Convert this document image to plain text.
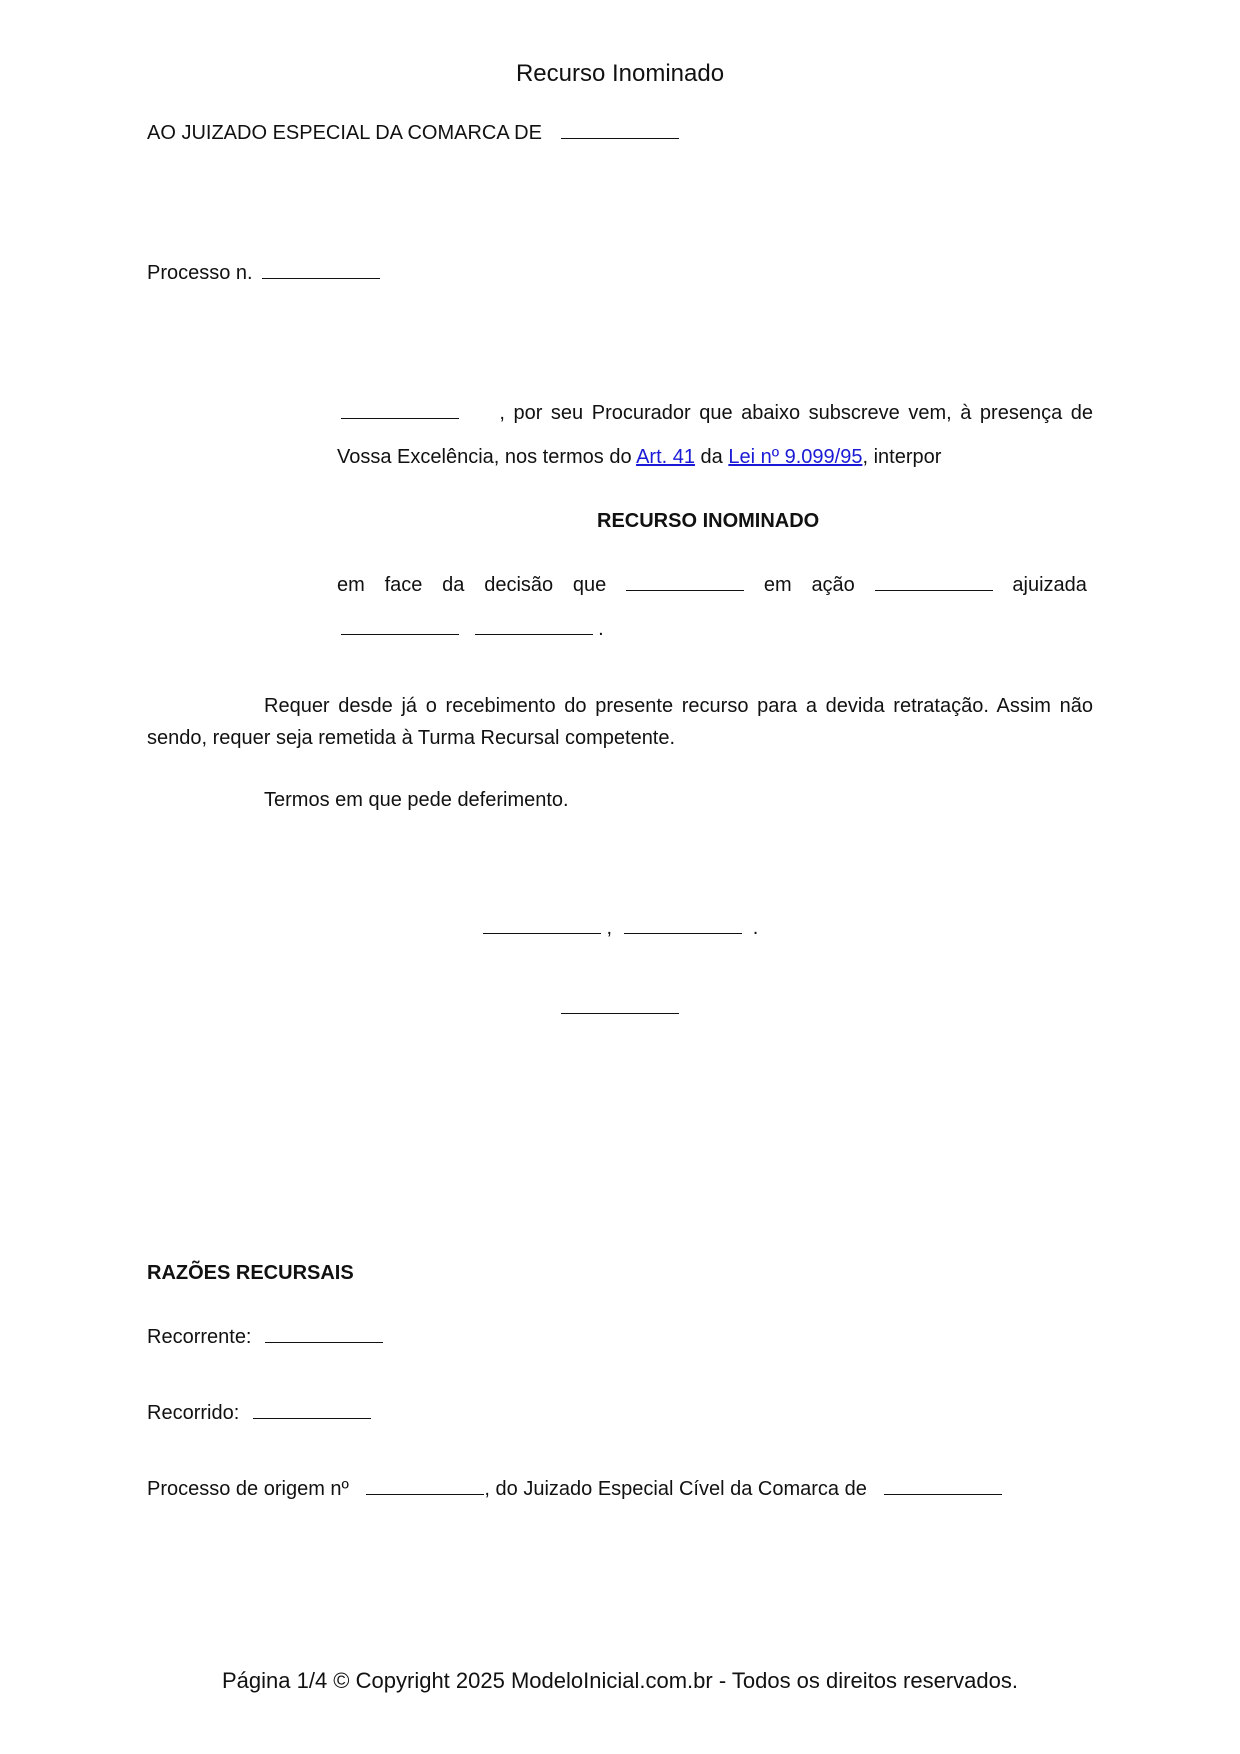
Recurso Inominado
AO JUIZADO ESPECIAL DA COMARCA DE
Processo n.
, por seu Procurador que abaixo subscreve vem, à presença de
Vossa Excelência, nos termos do Art. 41 da Lei nº 9.099/95, interpor
RECURSO INOMINADO
em face da decisão que	em ação	ajuizada
.
Requer desde já o recebimento do presente recurso para a devida retratação. Assim não sendo, requer seja remetida à Turma Recursal competente.
Termos em que pede deferimento.
,	.
RAZÕES RECURSAIS
Recorrente:
Recorrido:
Processo de origem nº	, do Juizado Especial Cível da Comarca de
Página 1/4 © Copyright 2025 ModeloInicial.com.br - Todos os direitos reservados.
